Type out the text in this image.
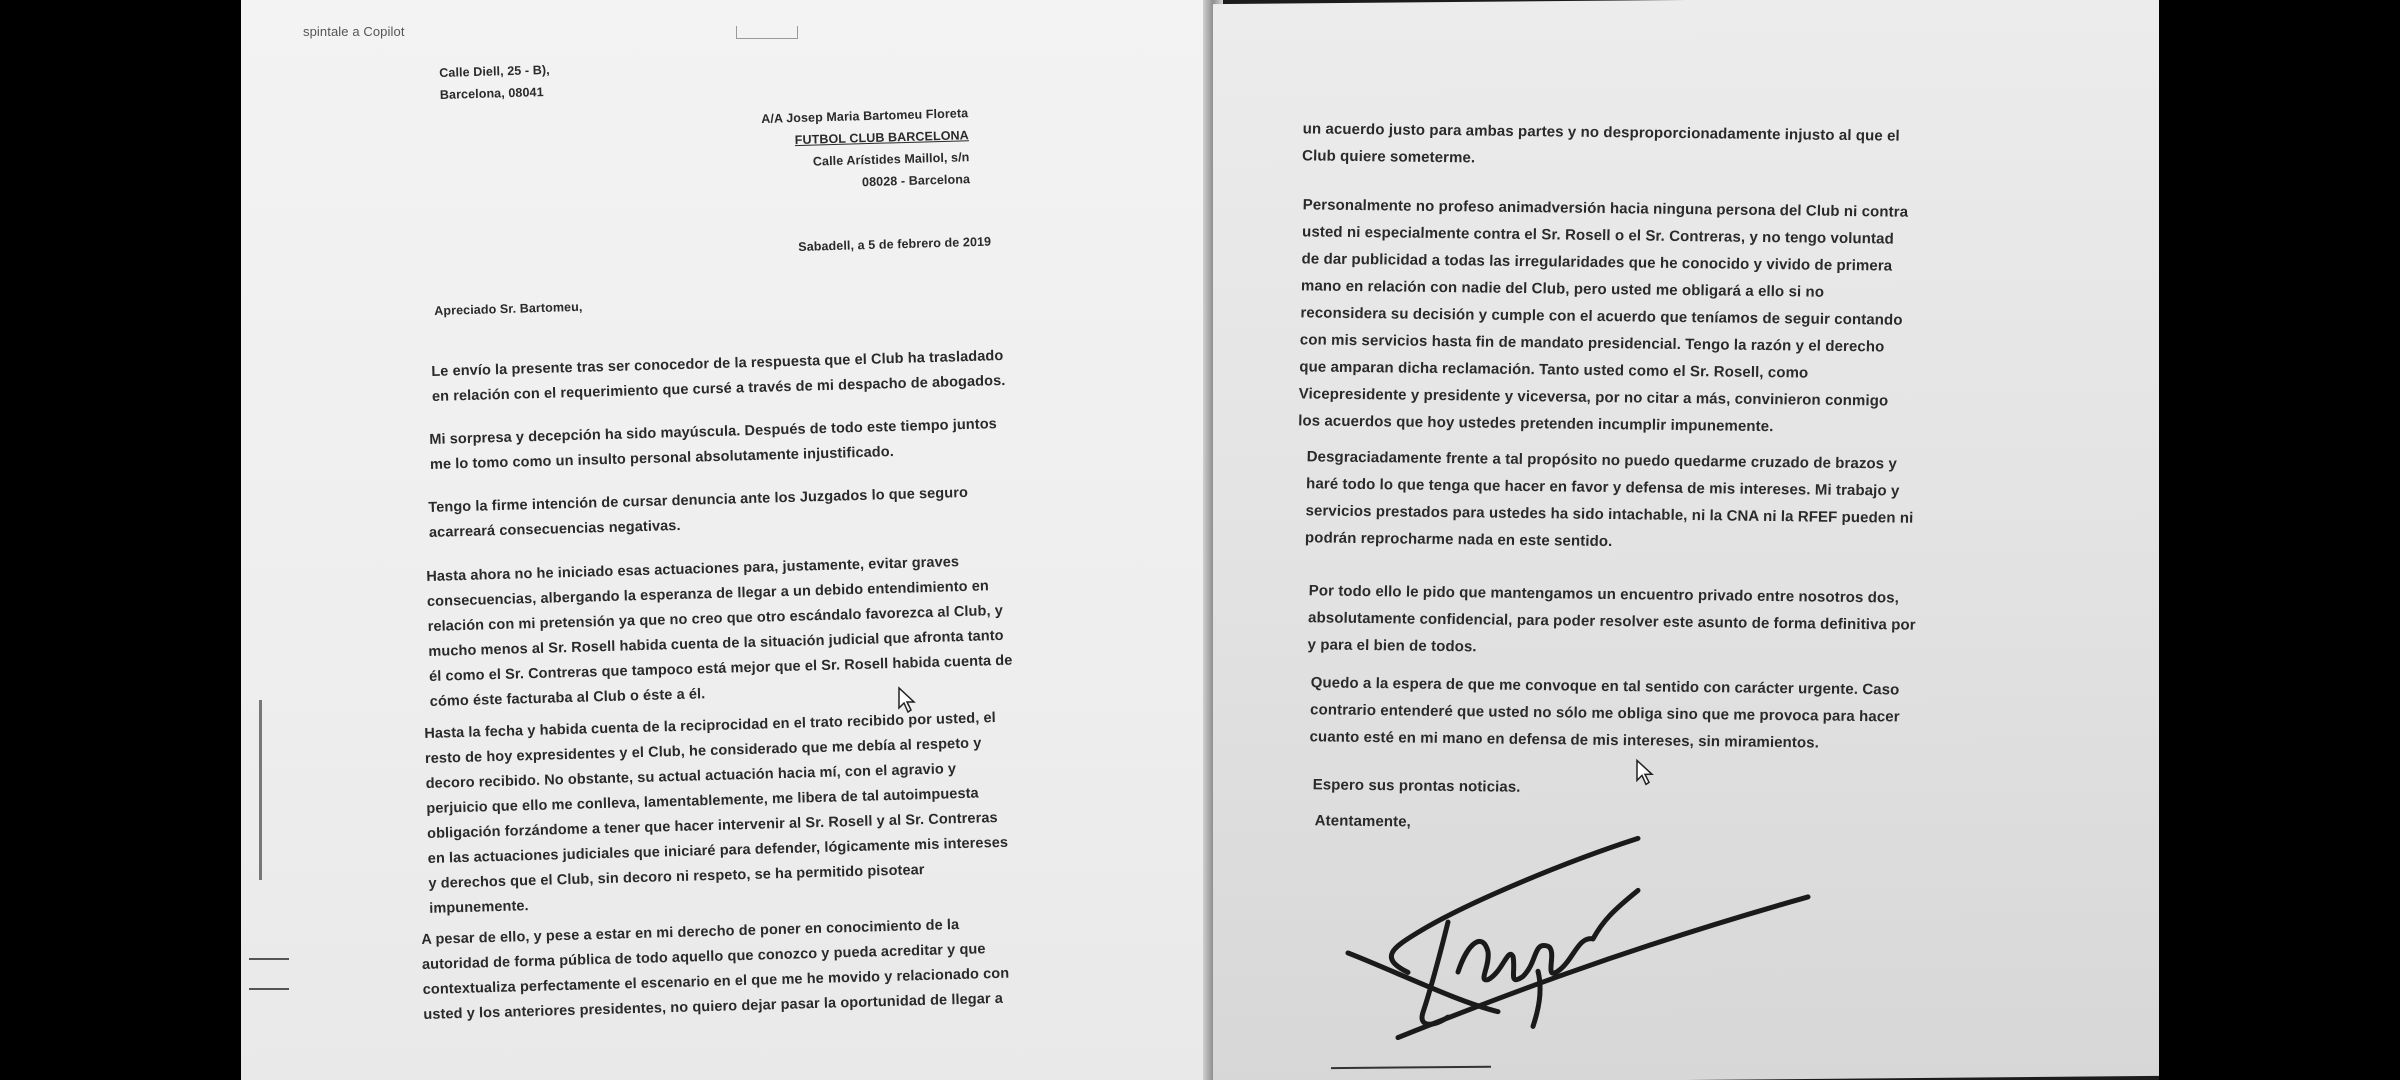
spintale a Copilot

Calle Diell, 25 - B),

Barcelona, 08041

A/A Josep Maria Bartomeu Floreta

FUTBOL CLUB BARCELONA

Calle Arístides Maillol, s/n

08028 - Barcelona

Sabadell, a 5 de febrero de 2019
Apreciado Sr. Bartomeu,

Le envío la presente tras ser conocedor de la respuesta que el Club ha trasladado

en relación con el requerimiento que cursé a través de mi despacho de abogados.

Mi sorpresa y decepción ha sido mayúscula. Después de todo este tiempo juntos

me lo tomo como un insulto personal absolutamente injustificado.

Tengo la firme intención de cursar denuncia ante los Juzgados lo que seguro

acarreará consecuencias negativas.

Hasta ahora no he iniciado esas actuaciones para, justamente, evitar graves

consecuencias, albergando la esperanza de llegar a un debido entendimiento en

relación con mi pretensión ya que no creo que otro escándalo favorezca al Club, y

mucho menos al Sr. Rosell habida cuenta de la situación judicial que afronta tanto

él como el Sr. Contreras que tampoco está mejor que el Sr. Rosell habida cuenta de

cómo éste facturaba al Club o éste a él.

Hasta la fecha y habida cuenta de la reciprocidad en el trato recibido por usted, el

resto de hoy expresidentes y el Club, he considerado que me debía al respeto y

decoro recibido. No obstante, su actual actuación hacia mí, con el agravio y

perjuicio que ello me conlleva, lamentablemente, me libera de tal autoimpuesta

obligación forzándome a tener que hacer intervenir al Sr. Rosell y al Sr. Contreras

en las actuaciones judiciales que iniciaré para defender, lógicamente mis intereses

y derechos que el Club, sin decoro ni respeto, se ha permitido pisotear

impunemente.

A pesar de ello, y pese a estar en mi derecho de poner en conocimiento de la

autoridad de forma pública de todo aquello que conozco y pueda acreditar y que

contextualiza perfectamente el escenario en el que me he movido y relacionado con

usted y los anteriores presidentes, no quiero dejar pasar la oportunidad de llegar a

un acuerdo justo para ambas partes y no desproporcionadamente injusto al que el

Club quiere someterme.

Personalmente no profeso animadversión hacia ninguna persona del Club ni contra

usted ni especialmente contra el Sr. Rosell o el Sr. Contreras, y no tengo voluntad

de dar publicidad a todas las irregularidades que he conocido y vivido de primera

mano en relación con nadie del Club, pero usted me obligará a ello si no

reconsidera su decisión y cumple con el acuerdo que teníamos de seguir contando

con mis servicios hasta fin de mandato presidencial. Tengo la razón y el derecho

que amparan dicha reclamación. Tanto usted como el Sr. Rosell, como

Vicepresidente y presidente y viceversa, por no citar a más, convinieron conmigo

los acuerdos que hoy ustedes pretenden incumplir impunemente.

Desgraciadamente frente a tal propósito no puedo quedarme cruzado de brazos y

haré todo lo que tenga que hacer en favor y defensa de mis intereses. Mi trabajo y

servicios prestados para ustedes ha sido intachable, ni la CNA ni la RFEF pueden ni

podrán reprocharme nada en este sentido.

Por todo ello le pido que mantengamos un encuentro privado entre nosotros dos,

absolutamente confidencial, para poder resolver este asunto de forma definitiva por

y para el bien de todos.

Quedo a la espera de que me convoque en tal sentido con carácter urgente. Caso

contrario entenderé que usted no sólo me obliga sino que me provoca para hacer

cuanto esté en mi mano en defensa de mis intereses, sin miramientos.

Espero sus prontas noticias.
Atentamente,
